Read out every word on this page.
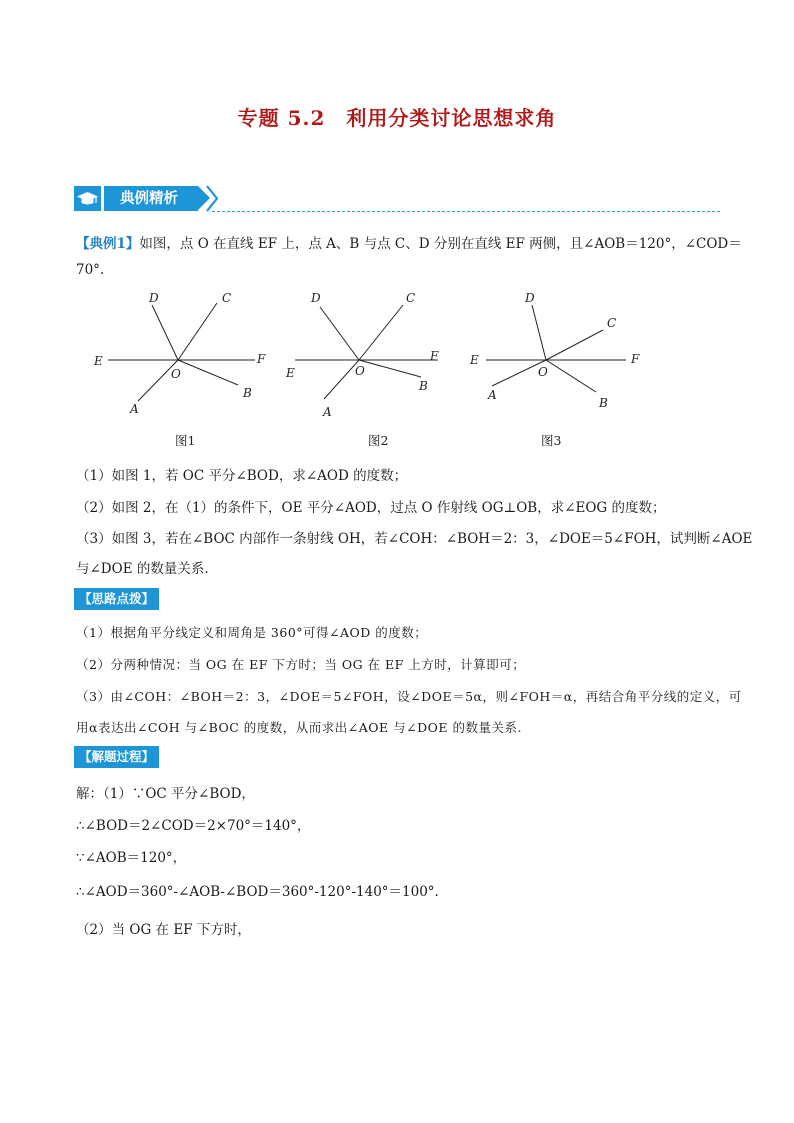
专题 5.2　利用分类讨论思想求角
典例精析
【典例1】如图，点 O 在直线 EF 上，点 A、B 与点 C、D 分别在直线 EF 两侧，且∠AOB＝120°，∠COD＝
70°.
D	C
E	F
O
B
A
图1
D	C
E
F
O
B
A
图2
D
C
E	F
O
B
A
图3
（1）如图 1，若 OC 平分∠BOD，求∠AOD 的度数；
（2）如图 2，在（1）的条件下，OE 平分∠AOD，过点 O 作射线 OG⊥OB，求∠EOG 的度数；
（3）如图 3，若在∠BOC 内部作一条射线 OH，若∠COH：∠BOH＝2：3，∠DOE＝5∠FOH，试判断∠AOE
与∠DOE 的数量关系.
【思路点拨】
（1）根据角平分线定义和周角是 360°可得∠AOD 的度数；
（2）分两种情况：当 OG 在 EF 下方时；当 OG 在 EF 上方时，计算即可；
（3）由∠COH：∠BOH＝2：3，∠DOE＝5∠FOH，设∠DOE＝5α，则∠FOH＝α，再结合角平分线的定义，可
用α表达出∠COH 与∠BOC 的度数，从而求出∠AOE 与∠DOE 的数量关系.
【解题过程】
解：（1）∵OC 平分∠BOD，
∴∠BOD＝2∠COD＝2×70°＝140°，
∵∠AOB＝120°，
∴∠AOD＝360°-∠AOB-∠BOD＝360°-120°-140°＝100°.
（2）当 OG 在 EF 下方时，
